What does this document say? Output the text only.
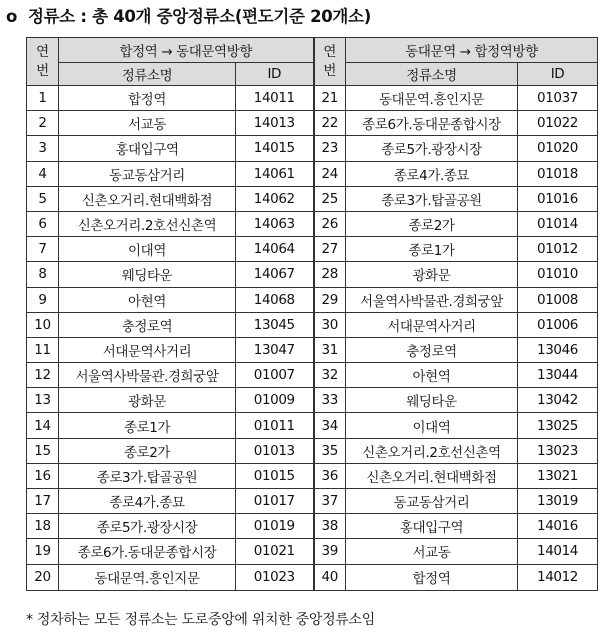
o 정류소 : 총 40개 중앙정류소(편도기준 20개소)
연
번	합정역 → 동대문역방향		연
번	동대문역 → 합정역방향	
	정류소명	ID		정류소명	ID
1	합정역	14011	21	동대문역.흥인지문	01037
2	서교동	14013	22	종로6가.동대문종합시장	01022
3	홍대입구역	14015	23	종로5가.광장시장	01020
4	동교동삼거리	14061	24	종로4가.종묘	01018
5	신촌오거리.현대백화점	14062	25	종로3가.탑골공원	01016
6	신촌오거리.2호선신촌역	14063	26	종로2가	01014
7	이대역	14064	27	종로1가	01012
8	웨딩타운	14067	28	광화문	01010
9	아현역	14068	29	서울역사박물관.경희궁앞	01008
10	충정로역	13045	30	서대문역사거리	01006
11	서대문역사거리	13047	31	충정로역	13046
12	서울역사박물관.경희궁앞	01007	32	아현역	13044
13	광화문	01009	33	웨딩타운	13042
14	종로1가	01011	34	이대역	13025
15	종로2가	01013	35	신촌오거리.2호선신촌역	13023
16	종로3가.탑골공원	01015	36	신촌오거리.현대백화점	13021
17	종로4가.종묘	01017	37	동교동삼거리	13019
18	종로5가.광장시장	01019	38	홍대입구역	14016
19	종로6가.동대문종합시장	01021	39	서교동	14014
20	동대문역.흥인지문	01023	40	합정역	14012
* 정차하는 모든 정류소는 도로중앙에 위치한 중앙정류소임
